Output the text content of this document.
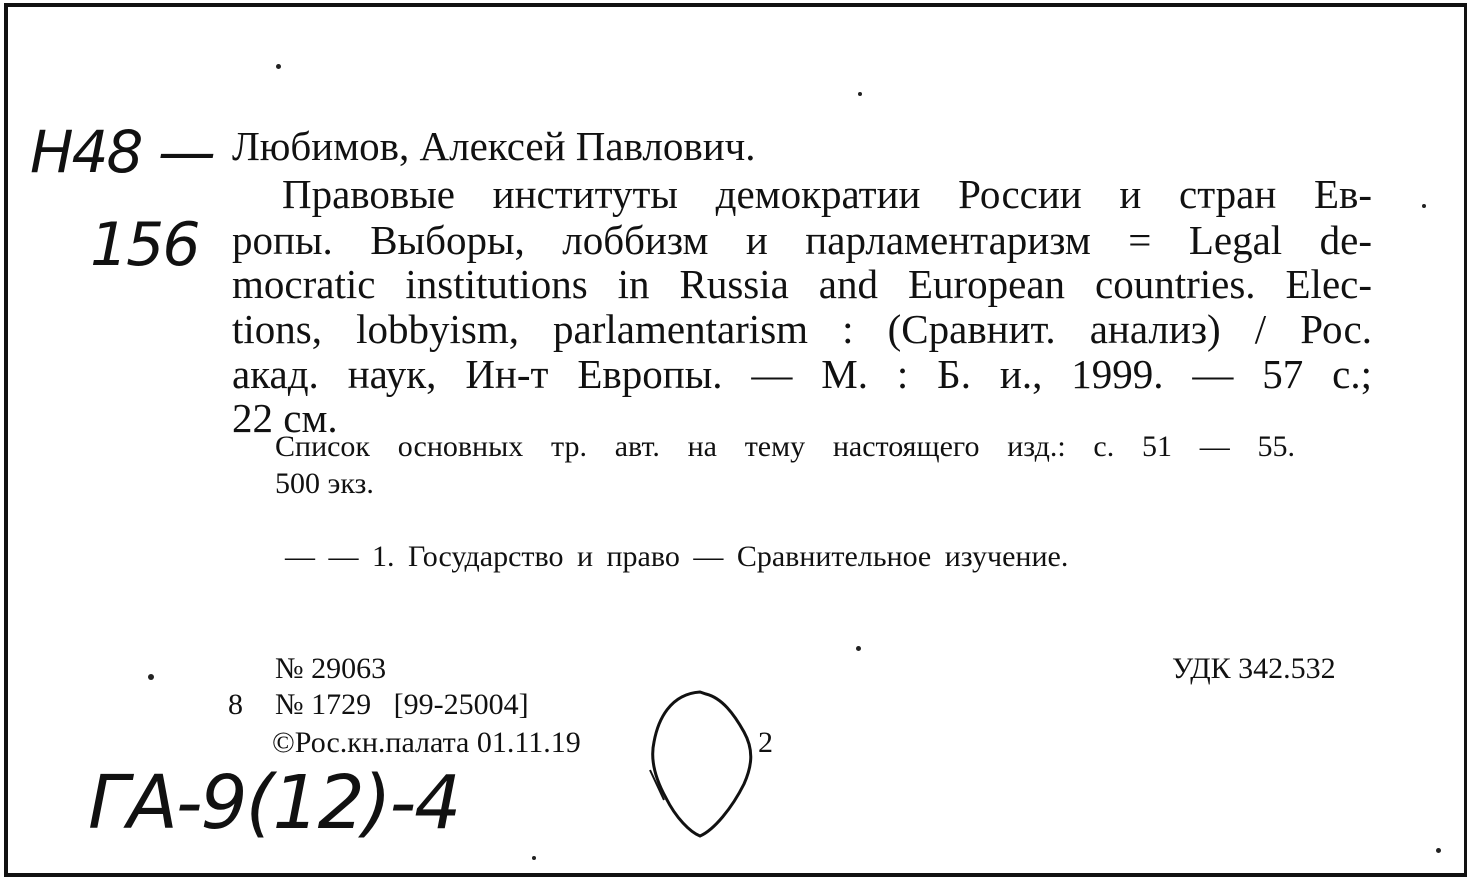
Н48 —
156
Любимов, Алексей Павлович.
Правовые институты демократии России и стран Ев-
ропы. Выборы, лоббизм и парламентаризм = Legal de-
mocratic institutions in Russia and European countries. Elec-
tions, lobbyism, parlamentarism : (Сравнит. анализ) / Рос.
акад. наук, Ин-т Европы. — М. : Б. и., 1999. — 57 с.;
22 см.
Список основных тр. авт. на тему настоящего изд.: с. 51 — 55.
500 экз.
— — 1. Государство и право — Сравнительное изучение.
№ 29063	УДК 342.532
8 № 1729   [99-25004]
©Рос.кн.палата 01.11.19	2
ГА-9(12)-4
